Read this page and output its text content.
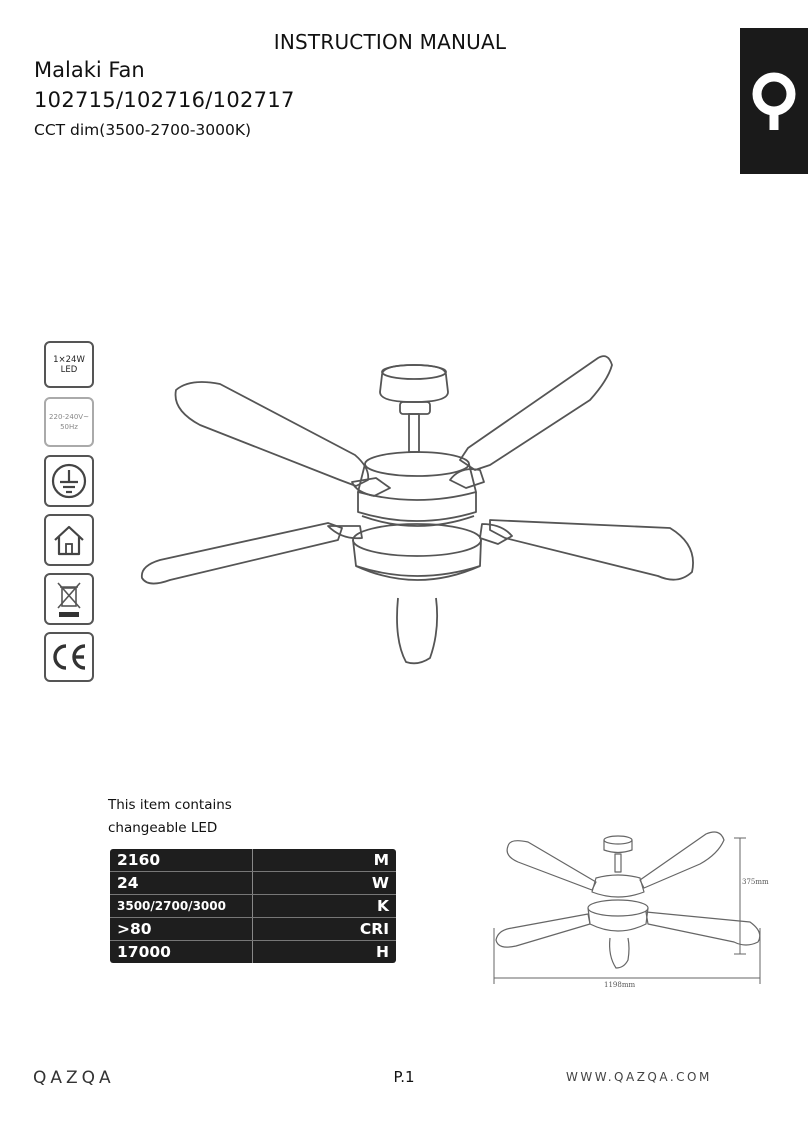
INSTRUCTION MANUAL
Malaki Fan
102715/102716/102717
CCT dim(3500-2700-3000K)
1×24W
LED
220-240V~
50Hz
This item contains
changeable LED
2160	M
24	W
3500/2700/3000	K
>80	CRI
17000	H
375mm
1198mm
QAZQA	P.1	WWW.QAZQA.COM
